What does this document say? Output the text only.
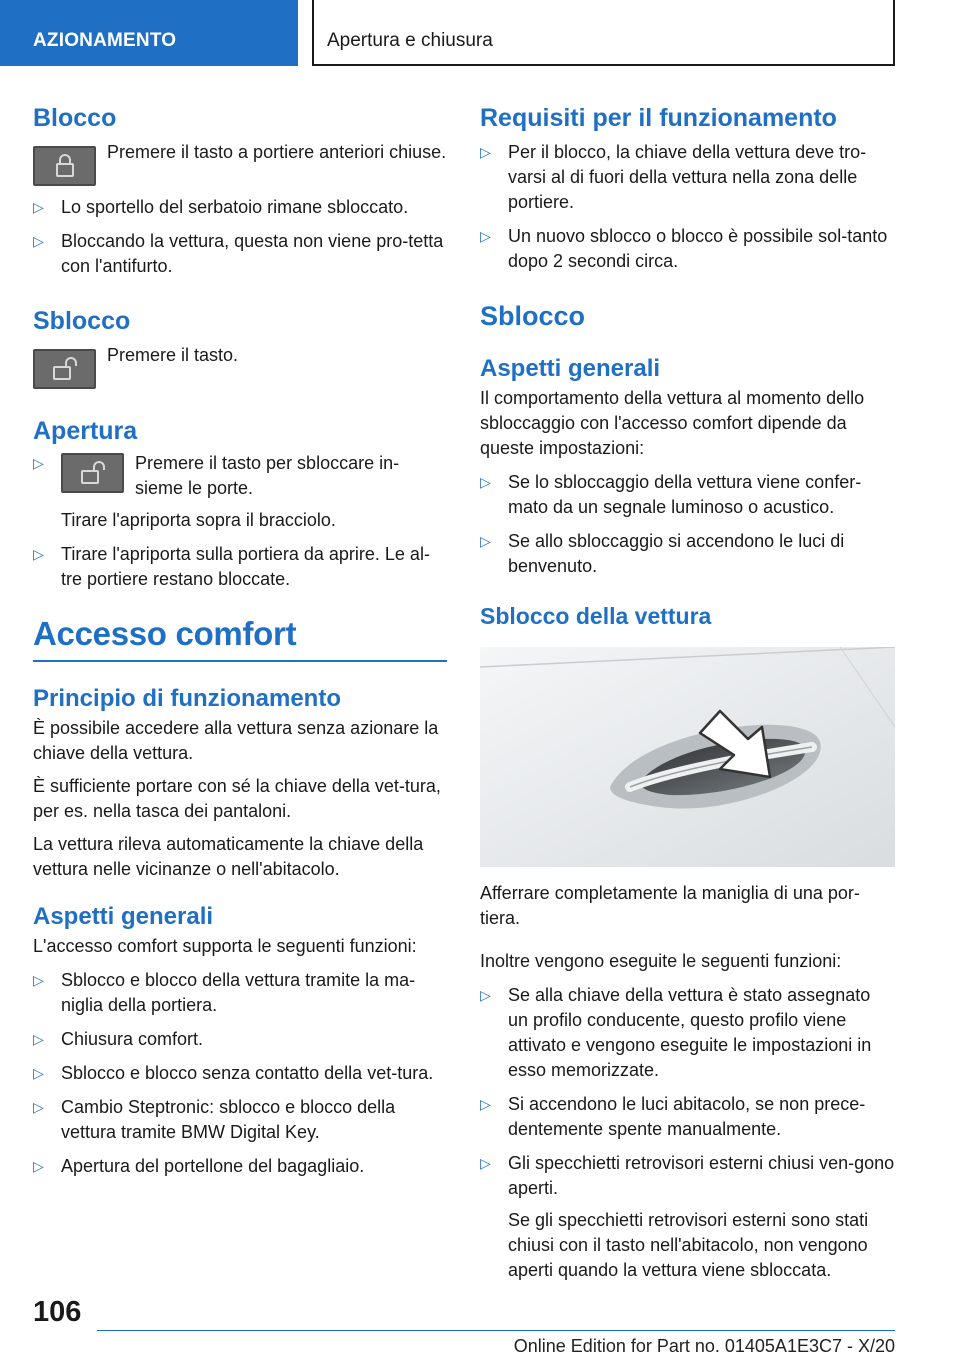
AZIONAMENTO	Apertura e chiusura
Blocco
Premere il tasto a portiere anteriori chiuse.
▷ Lo sportello del serbatoio rimane sbloccato.
▷ Bloccando la vettura, questa non viene pro-tetta con l'antifurto.
Sblocco
Premere il tasto.
Apertura
▷	Premere il tasto per sbloccare in-sieme le porte.
Tirare l'apriporta sopra il bracciolo.
▷ Tirare l'apriporta sulla portiera da aprire. Le al-tre portiere restano bloccate.
Accesso comfort
Principio di funzionamento

È possibile accedere alla vettura senza azionare la chiave della vettura.

È sufficiente portare con sé la chiave della vet-tura, per es. nella tasca dei pantaloni.

La vettura rileva automaticamente la chiave della vettura nelle vicinanze o nell'abitacolo.

Aspetti generali

L'accesso comfort supporta le seguenti funzioni:

▷ Sblocco e blocco della vettura tramite la ma-niglia della portiera.
▷ Chiusura comfort.
▷ Sblocco e blocco senza contatto della vet-tura.
▷ Cambio Steptronic: sblocco e blocco della vettura tramite BMW Digital Key.
▷ Apertura del portellone del bagagliaio.
Requisiti per il funzionamento
▷ Per il blocco, la chiave della vettura deve tro-varsi al di fuori della vettura nella zona delle portiere.
▷ Un nuovo sblocco o blocco è possibile sol-tanto dopo 2 secondi circa.
Sblocco
Aspetti generali

Il comportamento della vettura al momento dello sbloccaggio con l'accesso comfort dipende da queste impostazioni:

▷ Se lo sbloccaggio della vettura viene confer-mato da un segnale luminoso o acustico.
▷ Se allo sbloccaggio si accendono le luci di benvenuto.
Sblocco della vettura

Afferrare completamente la maniglia di una por-tiera.

Inoltre vengono eseguite le seguenti funzioni:

▷ Se alla chiave della vettura è stato assegnato un profilo conducente, questo profilo viene attivato e vengono eseguite le impostazioni in esso memorizzate.
▷ Si accendono le luci abitacolo, se non prece-dentemente spente manualmente.
▷ Gli specchietti retrovisori esterni chiusi ven-gono aperti.
Se gli specchietti retrovisori esterni sono stati chiusi con il tasto nell'abitacolo, non vengono aperti quando la vettura viene sbloccata.
106
Online Edition for Part no. 01405A1E3C7 - X/20
